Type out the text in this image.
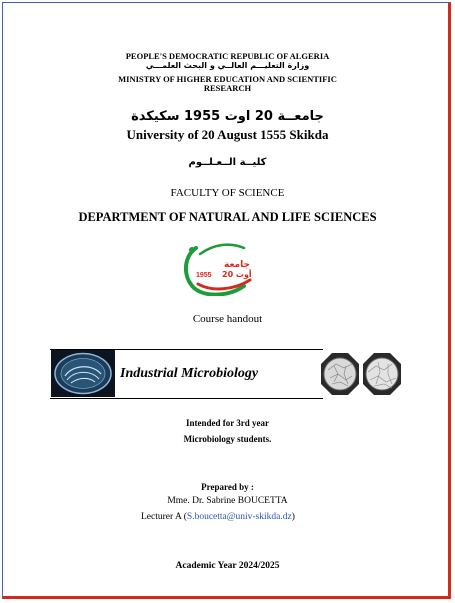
PEOPLE'S DEMOCRATIC REPUBLIC OF ALGERIA
وزارة التعليـــم العالــي و البحث العلمـــي
MINISTRY OF HIGHER EDUCATION AND SCIENTIFIC
RESEARCH
جامعــة 20 اوت 1955 سكيكدة
University of 20 August 1555 Skikda
كليــة الــعـلــوم
FACULTY OF SCIENCE
DEPARTMENT OF NATURAL AND LIFE SCIENCES
جامعة
20 أوت
1955
Course handout
Industrial Microbiology
Intended for 3rd year
Microbiology students.
Prepared by :
Mme. Dr. Sabrine BOUCETTA
Lecturer A (S.boucetta@univ-skikda.dz)
Academic Year 2024/2025
